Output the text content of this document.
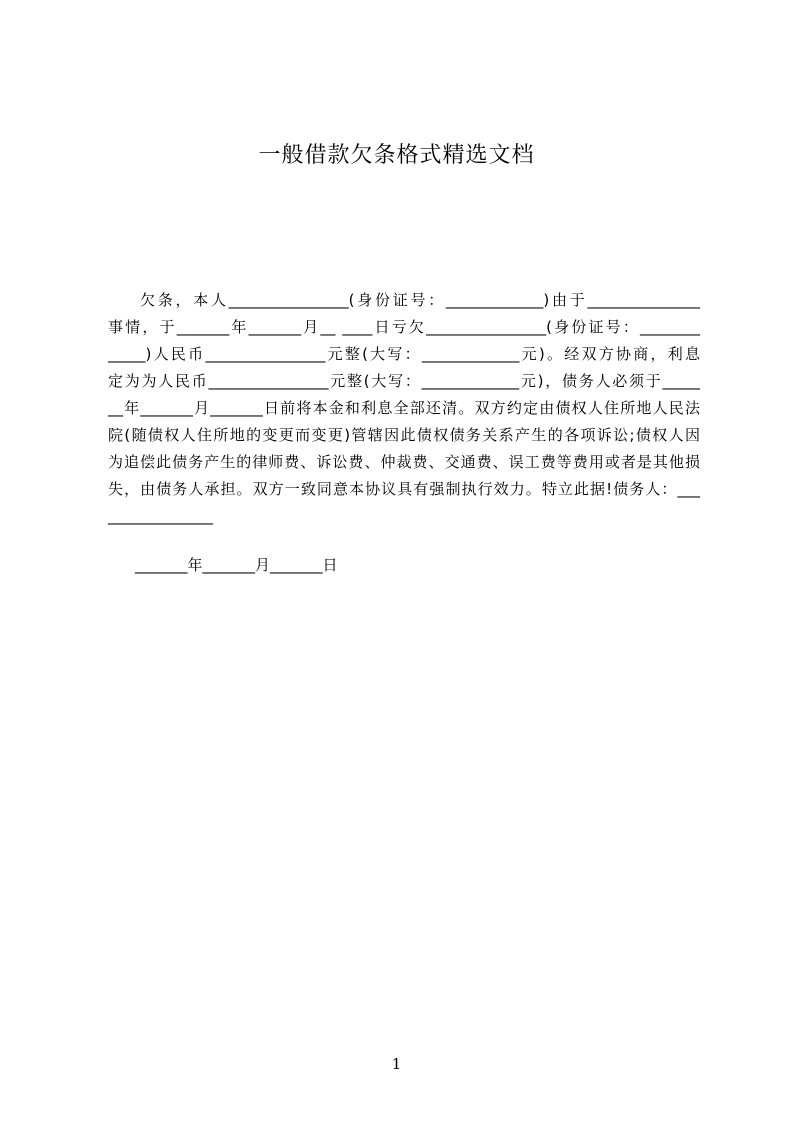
一般借款欠条格式精选文档
欠条，本人________________(身份证号：_____________)由于_______________
事情，于_______年_______月__ ____日亏欠________________(身份证号：________
_____)人民币________________元整(大写：_____________元)。经双方协商，利息
定为为人民币________________元整(大写：_____________元)，债务人必须于_____
__年_______月_______日前将本金和利息全部还清。双方约定由债权人住所地人民法
院(随债权人住所地的变更而变更)管辖因此债权债务关系产生的各项诉讼;债权人因
为追偿此债务产生的律师费、诉讼费、仲裁费、交通费、误工费等费用或者是其他损
失，由债务人承担。双方一致同意本协议具有强制执行效力。特立此据!债务人：___
______________
_______年_______月_______日
1
